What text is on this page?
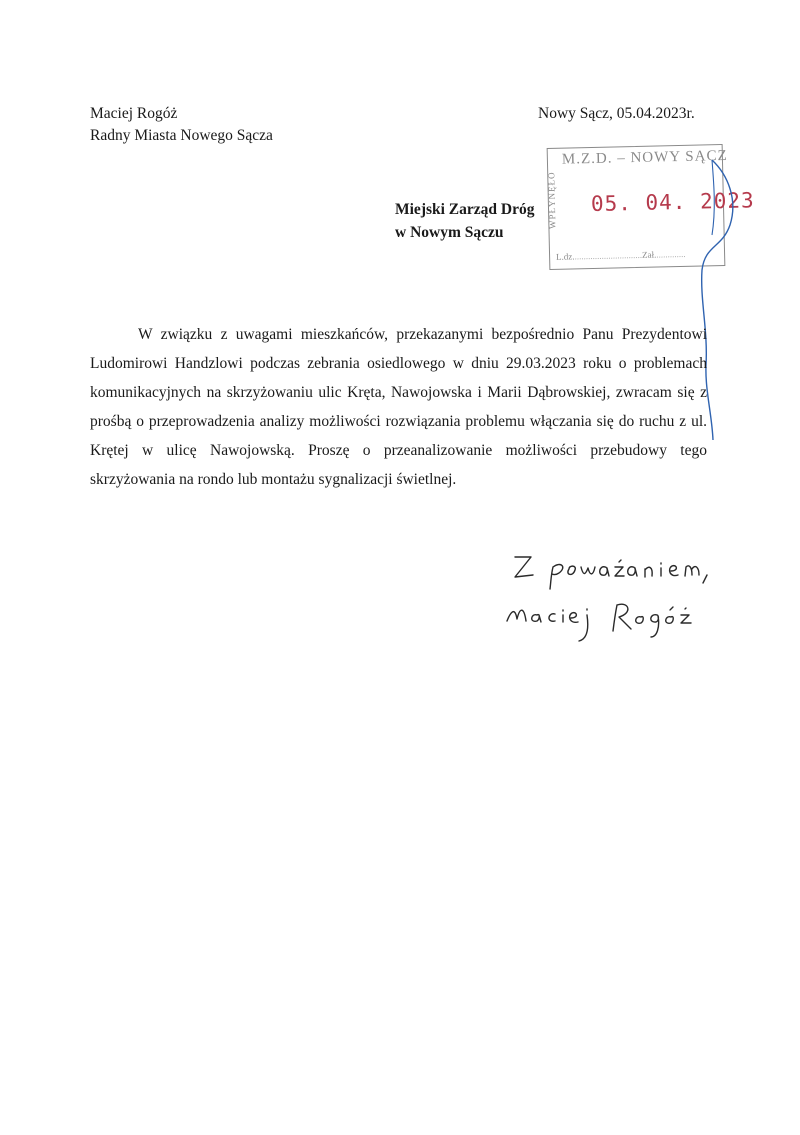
Maciej Rogóż
Radny Miasta Nowego Sącza
Nowy Sącz, 05.04.2023r.
Miejski Zarząd Dróg
w Nowym Sączu
M.Z.D. – NOWY SĄCZ
WPŁYNĘŁO 05. 04. 2023
L.dz...............................Zał..............

W związku z uwagami mieszkańców, przekazanymi bezpośrednio Panu Prezydentowi Ludomirowi Handzlowi podczas zebrania osiedlowego w dniu 29.03.2023 roku o problemach komunikacyjnych na skrzyżowaniu ulic Kręta, Nawojowska i Marii Dąbrowskiej, zwracam się z prośbą o przeprowadzenia analizy możliwości rozwiązania problemu włączania się do ruchu z ul. Krętej w ulicę Nawojowską. Proszę o przeanalizowanie możliwości przebudowy tego skrzyżowania na rondo lub montażu sygnalizacji świetlnej.
